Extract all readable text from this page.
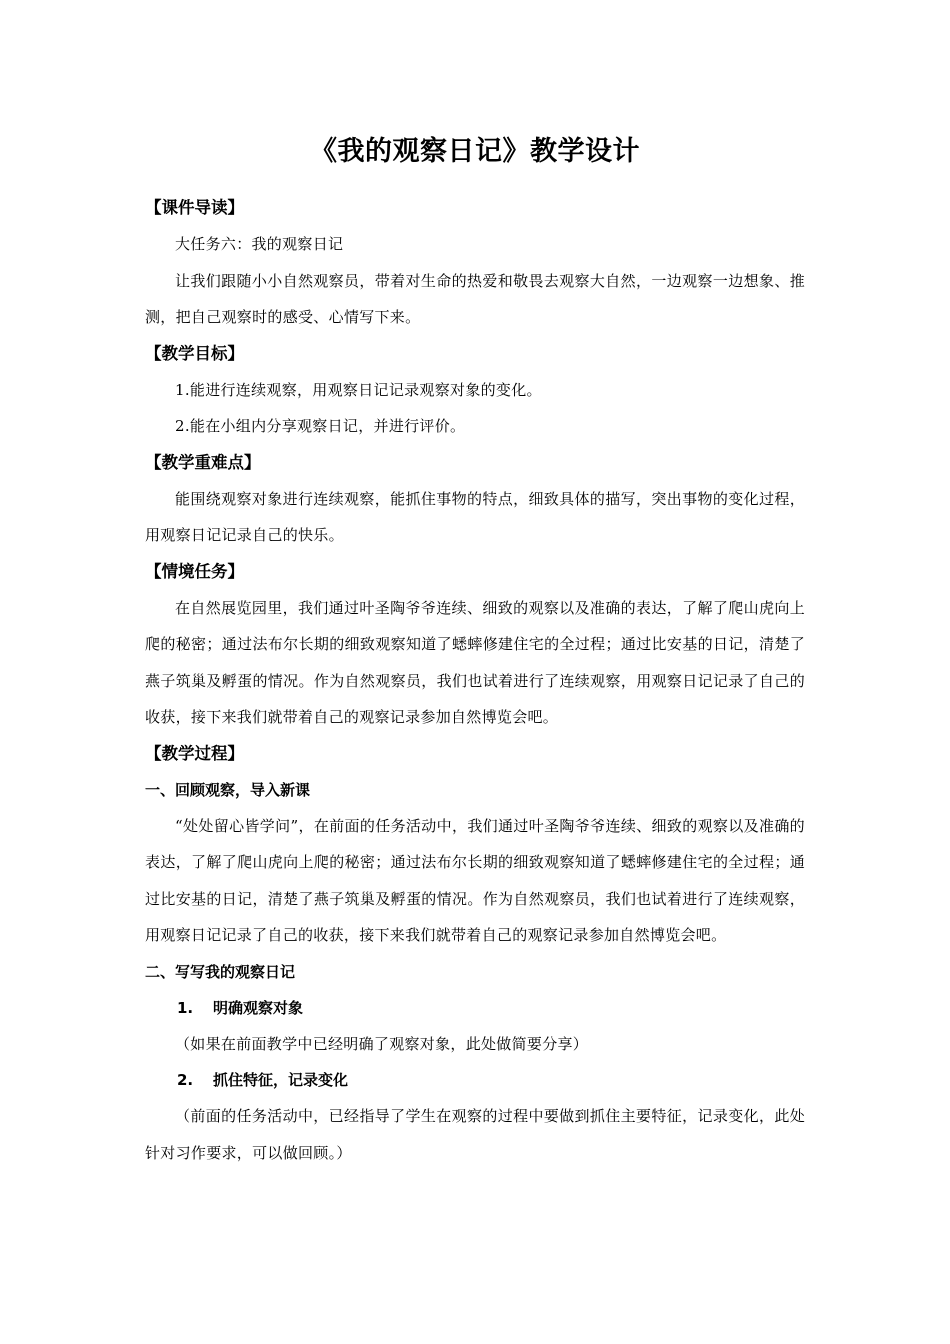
《我的观察日记》教学设计

【课件导读】

大任务六：我的观察日记

让我们跟随小小自然观察员，带着对生命的热爱和敬畏去观察大自然，一边观察一边想象、推测，把自己观察时的感受、心情写下来。

【教学目标】

1.能进行连续观察，用观察日记记录观察对象的变化。

2.能在小组内分享观察日记，并进行评价。

【教学重难点】

能围绕观察对象进行连续观察，能抓住事物的特点，细致具体的描写，突出事物的变化过程，用观察日记记录自己的快乐。

【情境任务】

在自然展览园里，我们通过叶圣陶爷爷连续、细致的观察以及准确的表达，了解了爬山虎向上爬的秘密；通过法布尔长期的细致观察知道了蟋蟀修建住宅的全过程；通过比安基的日记，清楚了燕子筑巢及孵蛋的情况。作为自然观察员，我们也试着进行了连续观察，用观察日记记录了自己的收获，接下来我们就带着自己的观察记录参加自然博览会吧。

【教学过程】

一、回顾观察，导入新课

“处处留心皆学问”，在前面的任务活动中，我们通过叶圣陶爷爷连续、细致的观察以及准确的表达，了解了爬山虎向上爬的秘密；通过法布尔长期的细致观察知道了蟋蟀修建住宅的全过程；通过比安基的日记，清楚了燕子筑巢及孵蛋的情况。作为自然观察员，我们也试着进行了连续观察，用观察日记记录了自己的收获，接下来我们就带着自己的观察记录参加自然博览会吧。

二、写写我的观察日记

1.	明确观察对象

（如果在前面教学中已经明确了观察对象，此处做简要分享）

2.	抓住特征，记录变化

（前面的任务活动中，已经指导了学生在观察的过程中要做到抓住主要特征，记录变化，此处针对习作要求，可以做回顾。）
